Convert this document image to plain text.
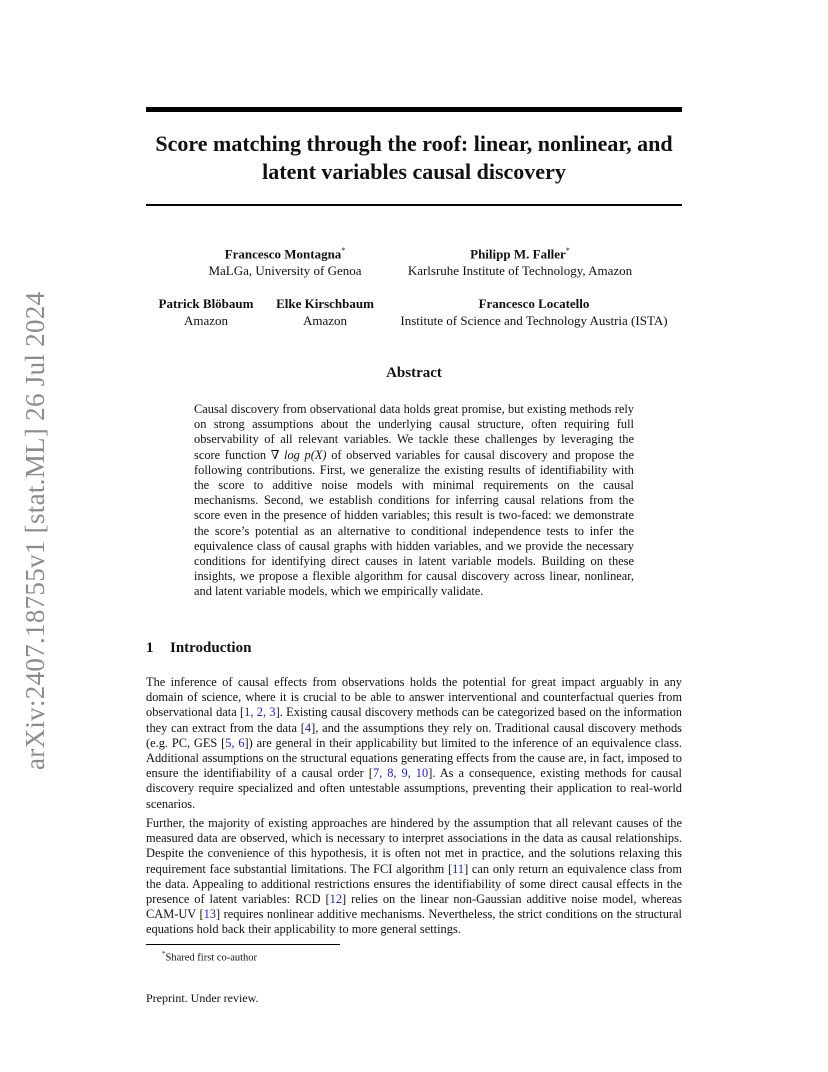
arXiv:2407.18755v1 [stat.ML] 26 Jul 2024
Score matching through the roof: linear, nonlinear, and latent variables causal discovery
Francesco Montagna*
MaLGa, University of Genoa
Philipp M. Faller*
Karlsruhe Institute of Technology, Amazon
Patrick Blöbaum
Amazon
Elke Kirschbaum
Amazon
Francesco Locatello
Institute of Science and Technology Austria (ISTA)
Abstract
Causal discovery from observational data holds great promise, but existing methods rely on strong assumptions about the underlying causal structure, often requiring full observability of all relevant variables. We tackle these challenges by leveraging the score function ∇ log p(X) of observed variables for causal discovery and propose the following contributions. First, we generalize the existing results of identifiability with the score to additive noise models with minimal requirements on the causal mechanisms. Second, we establish conditions for inferring causal relations from the score even in the presence of hidden variables; this result is two-faced: we demonstrate the score’s potential as an alternative to conditional independence tests to infer the equivalence class of causal graphs with hidden variables, and we provide the necessary conditions for identifying direct causes in latent variable models. Building on these insights, we propose a flexible algorithm for causal discovery across linear, nonlinear, and latent variable models, which we empirically validate.
1 Introduction
The inference of causal effects from observations holds the potential for great impact arguably in any domain of science, where it is crucial to be able to answer interventional and counterfactual queries from observational data [1, 2, 3]. Existing causal discovery methods can be categorized based on the information they can extract from the data [4], and the assumptions they rely on. Traditional causal discovery methods (e.g. PC, GES [5, 6]) are general in their applicability but limited to the inference of an equivalence class. Additional assumptions on the structural equations generating effects from the cause are, in fact, imposed to ensure the identifiability of a causal order [7, 8, 9, 10]. As a consequence, existing methods for causal discovery require specialized and often untestable assumptions, preventing their application to real-world scenarios.
Further, the majority of existing approaches are hindered by the assumption that all relevant causes of the measured data are observed, which is necessary to interpret associations in the data as causal relationships. Despite the convenience of this hypothesis, it is often not met in practice, and the solutions relaxing this requirement face substantial limitations. The FCI algorithm [11] can only return an equivalence class from the data. Appealing to additional restrictions ensures the identifiability of some direct causal effects in the presence of latent variables: RCD [12] relies on the linear non-Gaussian additive noise model, whereas CAM-UV [13] requires nonlinear additive mechanisms. Nevertheless, the strict conditions on the structural equations hold back their applicability to more general settings.
*Shared first co-author
Preprint. Under review.
